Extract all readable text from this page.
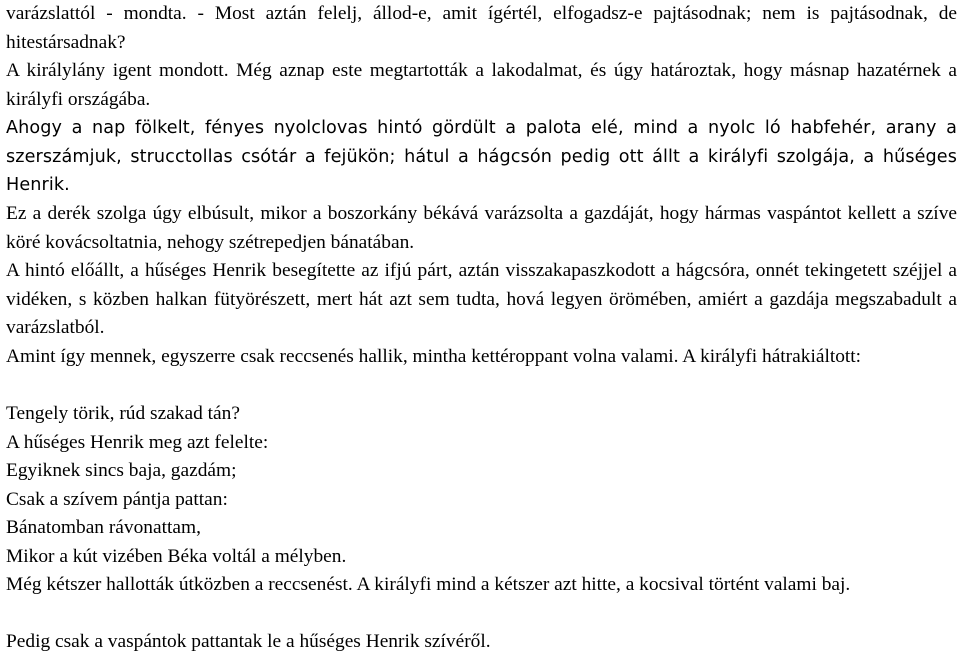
varázslattól - mondta. - Most aztán felelj, állod-e, amit ígértél, elfogadsz-e pajtásodnak; nem is pajtásodnak, de hitestársadnak?

A királylány igent mondott. Még aznap este megtartották a lakodalmat, és úgy határoztak, hogy másnap hazatérnek a királyfi országába.

Ahogy a nap fölkelt, fényes nyolclovas hintó gördült a palota elé, mind a nyolc ló habfehér, arany a szerszámjuk, strucctollas csótár a fejükön; hátul a hágcsón pedig ott állt a királyfi szolgája, a hűséges Henrik.

Ez a derék szolga úgy elbúsult, mikor a boszorkány békává varázsolta a gazdáját, hogy hármas vaspántot kellett a szíve köré kovácsoltatnia, nehogy szétrepedjen bánatában.

A hintó előállt, a hűséges Henrik besegítette az ifjú párt, aztán visszakapaszkodott a hágcsóra, onnét tekingetett széjjel a vidéken, s közben halkan fütyörészett, mert hát azt sem tudta, hová legyen örömében, amiért a gazdája megszabadult a varázslatból.

Amint így mennek, egyszerre csak reccsenés hallik, mintha kettéroppant volna valami. A királyfi hátrakiáltott:

Tengely törik, rúd szakad tán?

A hűséges Henrik meg azt felelte:

Egyiknek sincs baja, gazdám;

Csak a szívem pántja pattan:

Bánatomban rávonattam,

Mikor a kút vizében Béka voltál a mélyben.

Még kétszer hallották útközben a reccsenést. A királyfi mind a kétszer azt hitte, a kocsival történt valami baj.

Pedig csak a vaspántok pattantak le a hűséges Henrik szívéről.
